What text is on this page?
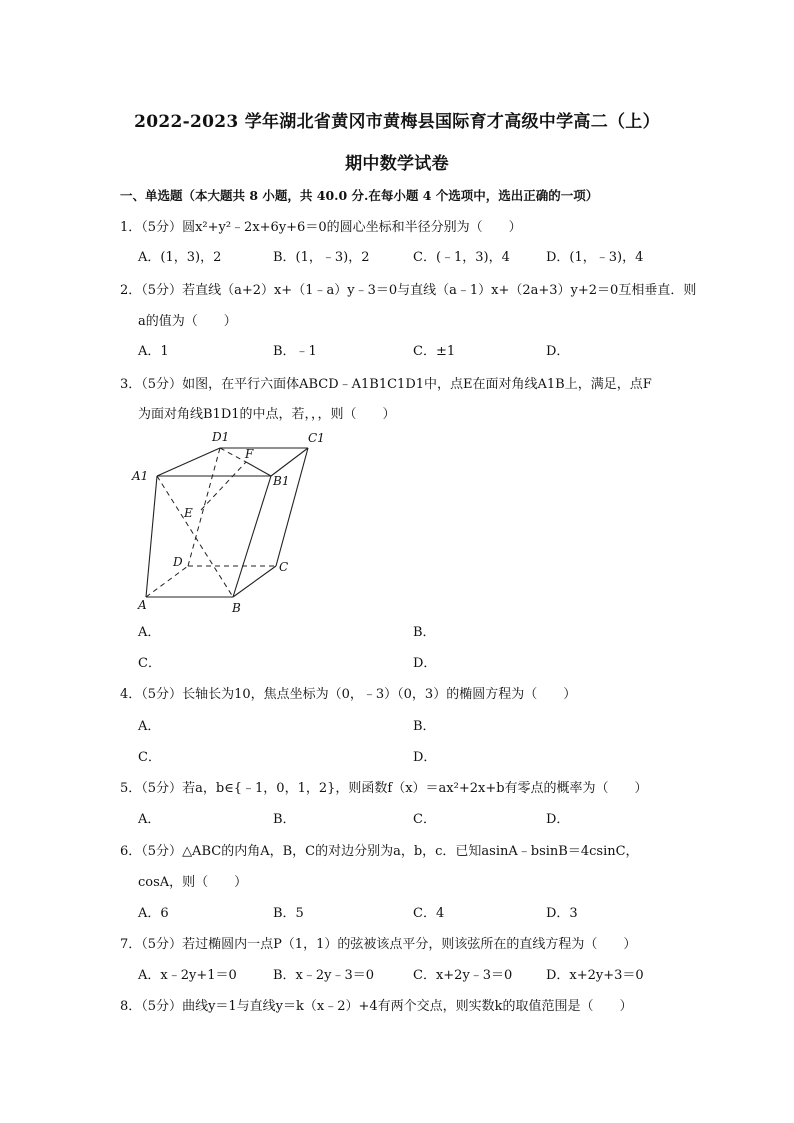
2022-2023 学年湖北省黄冈市黄梅县国际育才高级中学高二（上）
期中数学试卷
一、单选题（本大题共 8 小题，共 40.0 分.在每小题 4 个选项中，选出正确的一项）
1．（5分）圆x²+y²﹣2x+6y+6＝0的圆心坐标和半径分别为（　　）
A．(1，3)，2	B．(1，﹣3)，2	C．(﹣1，3)，4	D．(1，﹣3)，4
2．（5分）若直线（a+2）x+（1﹣a）y﹣3＝0与直线（a﹣1）x+（2a+3）y+2＝0互相垂直．则
a的值为（　　）
A．1	B．﹣1	C．±1	D．
3．（5分）如图，在平行六面体ABCD﹣A1B1C1D1中，点E在面对角线A1B上，满足，点F
为面对角线B1D1的中点，若，，，则（　　）
D1	C1
F
A1	B1
E
D	C
A	B
A．	B．
C．	D．
4．（5分）长轴长为10，焦点坐标为（0，﹣3）（0，3）的椭圆方程为（　　）
A．	B．
C．	D．
5．（5分）若a，b∈{﹣1，0，1，2}，则函数f（x）＝ax²+2x+b有零点的概率为（　　）
A．	B．	C．	D．
6．（5分）△ABC的内角A，B，C的对边分别为a，b，c．已知asinA﹣bsinB＝4csinC，
cosA，则（　　）
A．6	B．5	C．4	D．3
7．（5分）若过椭圆内一点P（1，1）的弦被该点平分，则该弦所在的直线方程为（　　）
A．x﹣2y+1＝0	B．x﹣2y﹣3＝0	C．x+2y﹣3＝0	D．x+2y+3＝0
8．（5分）曲线y＝1与直线y＝k（x﹣2）+4有两个交点，则实数k的取值范围是（　　）
